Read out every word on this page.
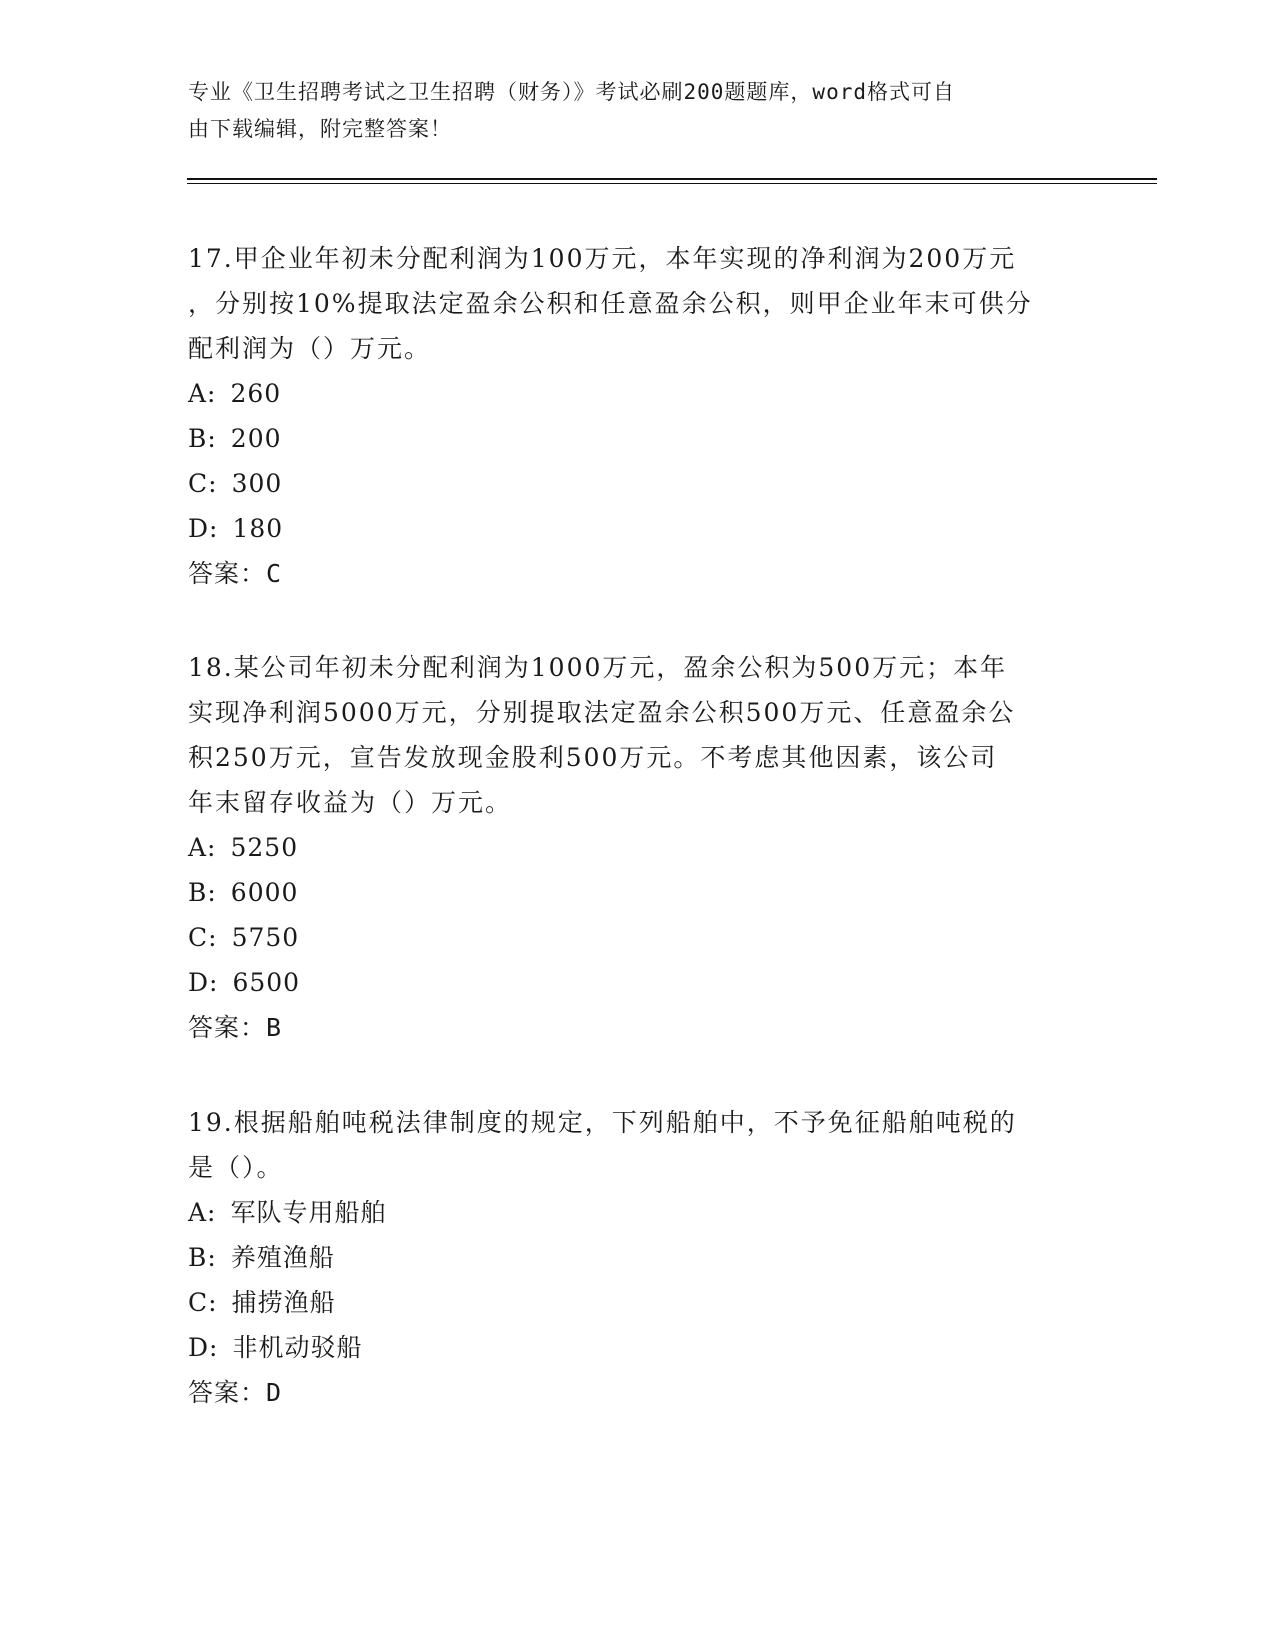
专业《卫生招聘考试之卫生招聘（财务）》考试必刷200题题库，word格式可自
由下载编辑，附完整答案！
17.甲企业年初未分配利润为100万元，本年实现的净利润为200万元
，分别按10%提取法定盈余公积和任意盈余公积，则甲企业年末可供分
配利润为（）万元。
A: 260
B: 200
C: 300
D: 180
答案：C
18.某公司年初未分配利润为1000万元，盈余公积为500万元；本年
实现净利润5000万元，分别提取法定盈余公积500万元、任意盈余公
积250万元，宣告发放现金股利500万元。不考虑其他因素，该公司
年末留存收益为（）万元。
A: 5250
B: 6000
C: 5750
D: 6500
答案：B
19.根据船舶吨税法律制度的规定，下列船舶中，不予免征船舶吨税的
是（）。
A: 军队专用船舶
B: 养殖渔船
C: 捕捞渔船
D: 非机动驳船
答案：D
